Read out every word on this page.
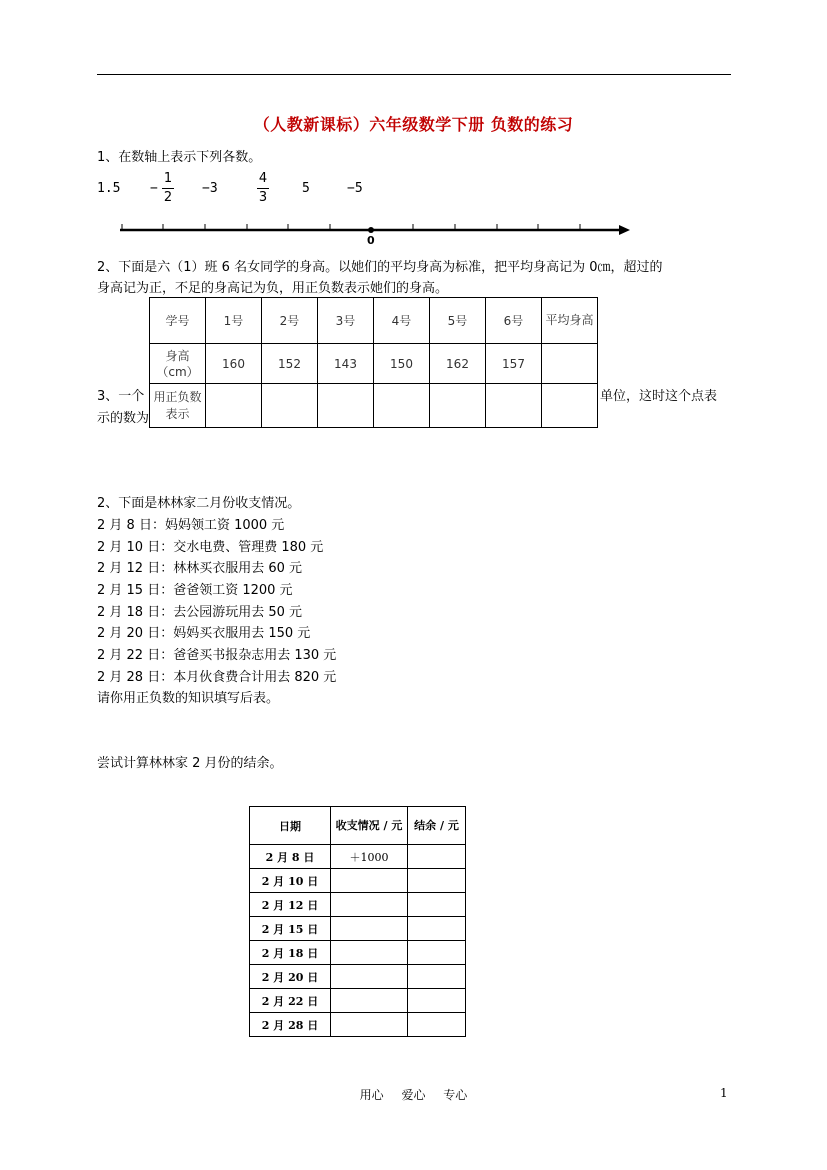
（人教新课标）六年级数学下册 负数的练习
1、在数轴上表示下列各数。
1.5 −
1
2
−3
4
3
5	−5
0
2、下面是六（1）班 6 名女同学的身高。以她们的平均身高为标准，把平均身高记为 0㎝，超过的
身高记为正，不足的身高记为负，用正负数表示她们的身高。
3、一个
示的数为
单位，这时这个点表
学号	1号	2号	3号	4号	5号	6号	平均身高
身高（cm）	160	152	143	150	162	157	
用正负数表示							
2、下面是林林家二月份收支情况。
2 月 8 日：妈妈领工资 1000 元
2 月 10 日：交水电费、管理费 180 元
2 月 12 日：林林买衣服用去 60 元
2 月 15 日：爸爸领工资 1200 元
2 月 18 日：去公园游玩用去 50 元
2 月 20 日：妈妈买衣服用去 150 元
2 月 22 日：爸爸买书报杂志用去 130 元
2 月 28 日：本月伙食费合计用去 820 元
请你用正负数的知识填写后表。
尝试计算林林家 2 月份的结余。
日期	收支情况 / 元	结余 / 元
2 月 8 日	＋1000	
2 月 10 日		
2 月 12 日		
2 月 15 日		
2 月 18 日		
2 月 20 日		
2 月 22 日		
2 月 28 日		
用心 爱心 专心	1
